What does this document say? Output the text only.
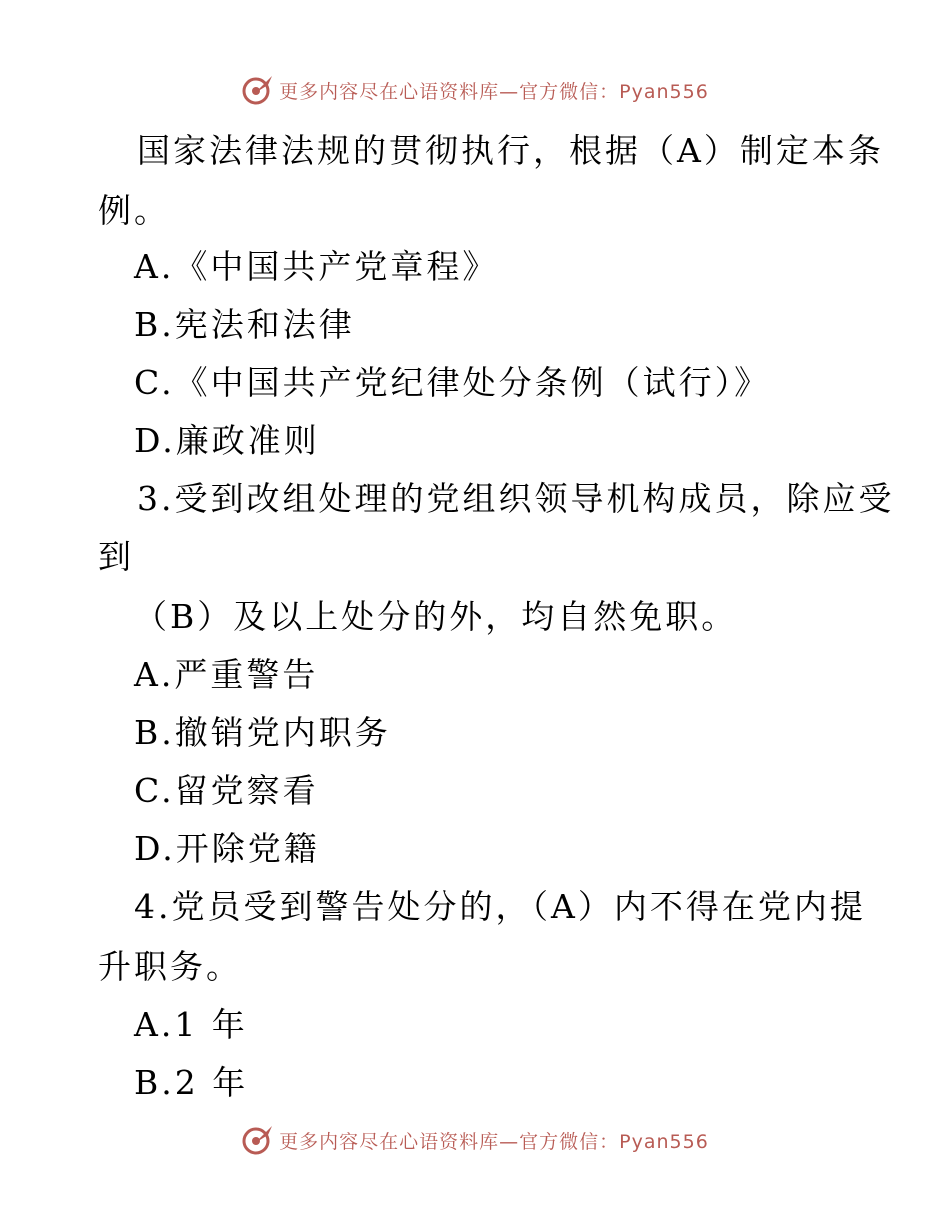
更多内容尽在心语资料库—官方微信：Pyan556
国家法律法规的贯彻执行，根据（A）制定本条
例。
A.《中国共产党章程》
B.宪法和法律
C.《中国共产党纪律处分条例（试行）》
D.廉政准则
3.受到改组处理的党组织领导机构成员，除应受
到
（B）及以上处分的外，均自然免职。
A.严重警告
B.撤销党内职务
C.留党察看
D.开除党籍
4.党员受到警告处分的，（A）内不得在党内提
升职务。
A.1 年
B.2 年
更多内容尽在心语资料库—官方微信：Pyan556
